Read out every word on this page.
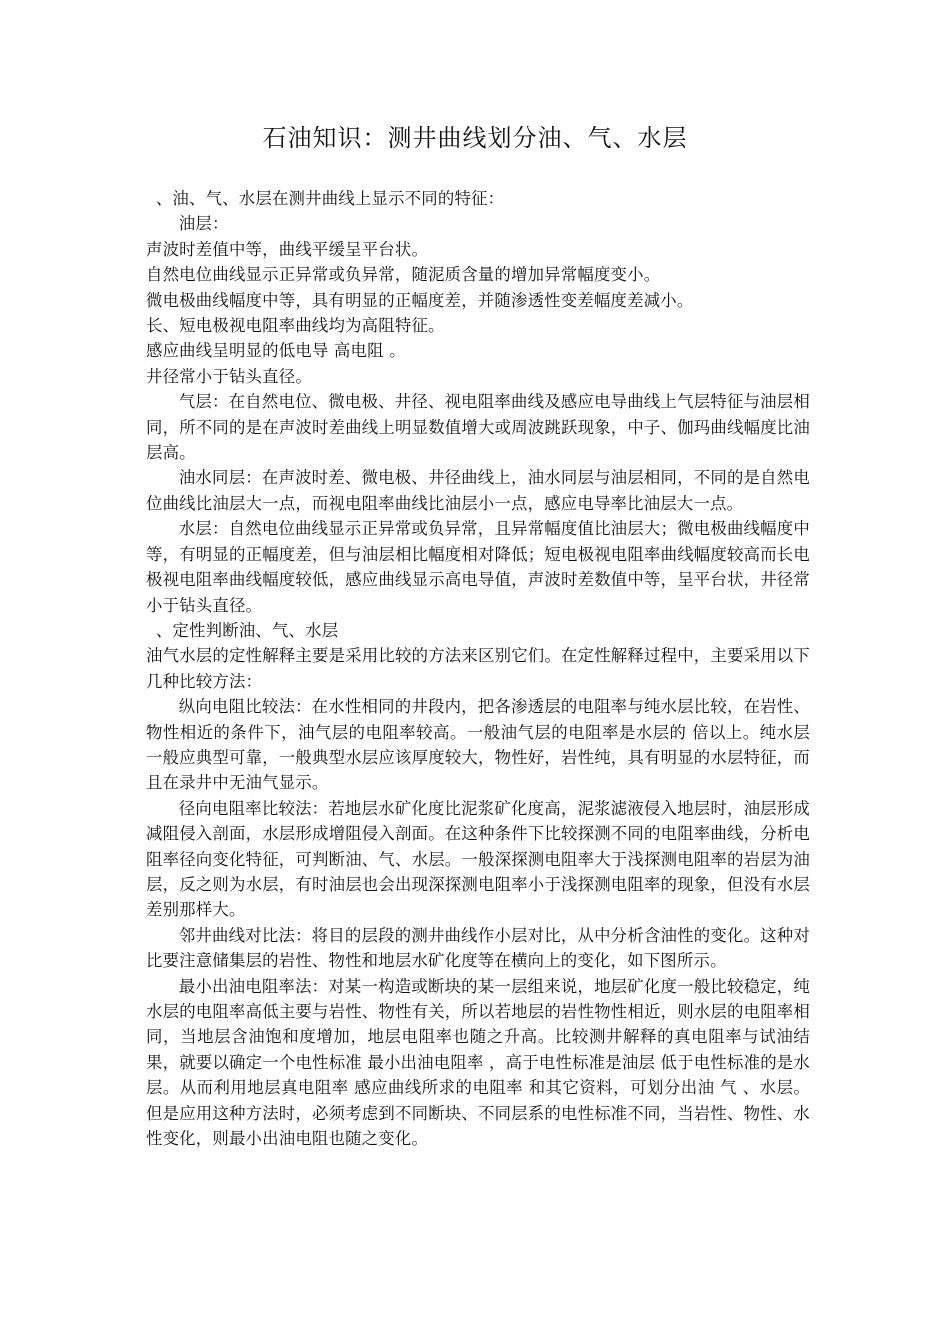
石油知识：测井曲线划分油、气、水层

、油、气、水层在测井曲线上显示不同的特征：

油层：

声波时差值中等，曲线平缓呈平台状。

自然电位曲线显示正异常或负异常，随泥质含量的增加异常幅度变小。

微电极曲线幅度中等，具有明显的正幅度差，并随渗透性变差幅度差减小。

长、短电极视电阻率曲线均为高阻特征。

感应曲线呈明显的低电导 高电阻 。

井径常小于钻头直径。

气层：在自然电位、微电极、井径、视电阻率曲线及感应电导曲线上气层特征与油层相同，所不同的是在声波时差曲线上明显数值增大或周波跳跃现象，中子、伽玛曲线幅度比油层高。

油水同层：在声波时差、微电极、井径曲线上，油水同层与油层相同，不同的是自然电位曲线比油层大一点，而视电阻率曲线比油层小一点，感应电导率比油层大一点。

水层：自然电位曲线显示正异常或负异常，且异常幅度值比油层大；微电极曲线幅度中等，有明显的正幅度差，但与油层相比幅度相对降低；短电极视电阻率曲线幅度较高而长电极视电阻率曲线幅度较低，感应曲线显示高电导值，声波时差数值中等，呈平台状，井径常小于钻头直径。

、定性判断油、气、水层

油气水层的定性解释主要是采用比较的方法来区别它们。在定性解释过程中，主要采用以下几种比较方法：

纵向电阻比较法：在水性相同的井段内，把各渗透层的电阻率与纯水层比较，在岩性、物性相近的条件下，油气层的电阻率较高。一般油气层的电阻率是水层的 倍以上。纯水层一般应典型可靠，一般典型水层应该厚度较大，物性好，岩性纯，具有明显的水层特征，而且在录井中无油气显示。

径向电阻率比较法：若地层水矿化度比泥浆矿化度高，泥浆滤液侵入地层时，油层形成减阻侵入剖面，水层形成增阻侵入剖面。在这种条件下比较探测不同的电阻率曲线，分析电阻率径向变化特征，可判断油、气、水层。一般深探测电阻率大于浅探测电阻率的岩层为油层，反之则为水层，有时油层也会出现深探测电阻率小于浅探测电阻率的现象，但没有水层差别那样大。

邻井曲线对比法：将目的层段的测井曲线作小层对比，从中分析含油性的变化。这种对比要注意储集层的岩性、物性和地层水矿化度等在横向上的变化，如下图所示。

最小出油电阻率法：对某一构造或断块的某一层组来说，地层矿化度一般比较稳定，纯水层的电阻率高低主要与岩性、物性有关，所以若地层的岩性物性相近，则水层的电阻率相同，当地层含油饱和度增加，地层电阻率也随之升高。比较测井解释的真电阻率与试油结果，就要以确定一个电性标准 最小出油电阻率 ，高于电性标准是油层 低于电性标准的是水层。从而利用地层真电阻率 感应曲线所求的电阻率 和其它资料，可划分出油 气 、水层。但是应用这种方法时，必须考虑到不同断块、不同层系的电性标准不同，当岩性、物性、水性变化，则最小出油电阻也随之变化。
